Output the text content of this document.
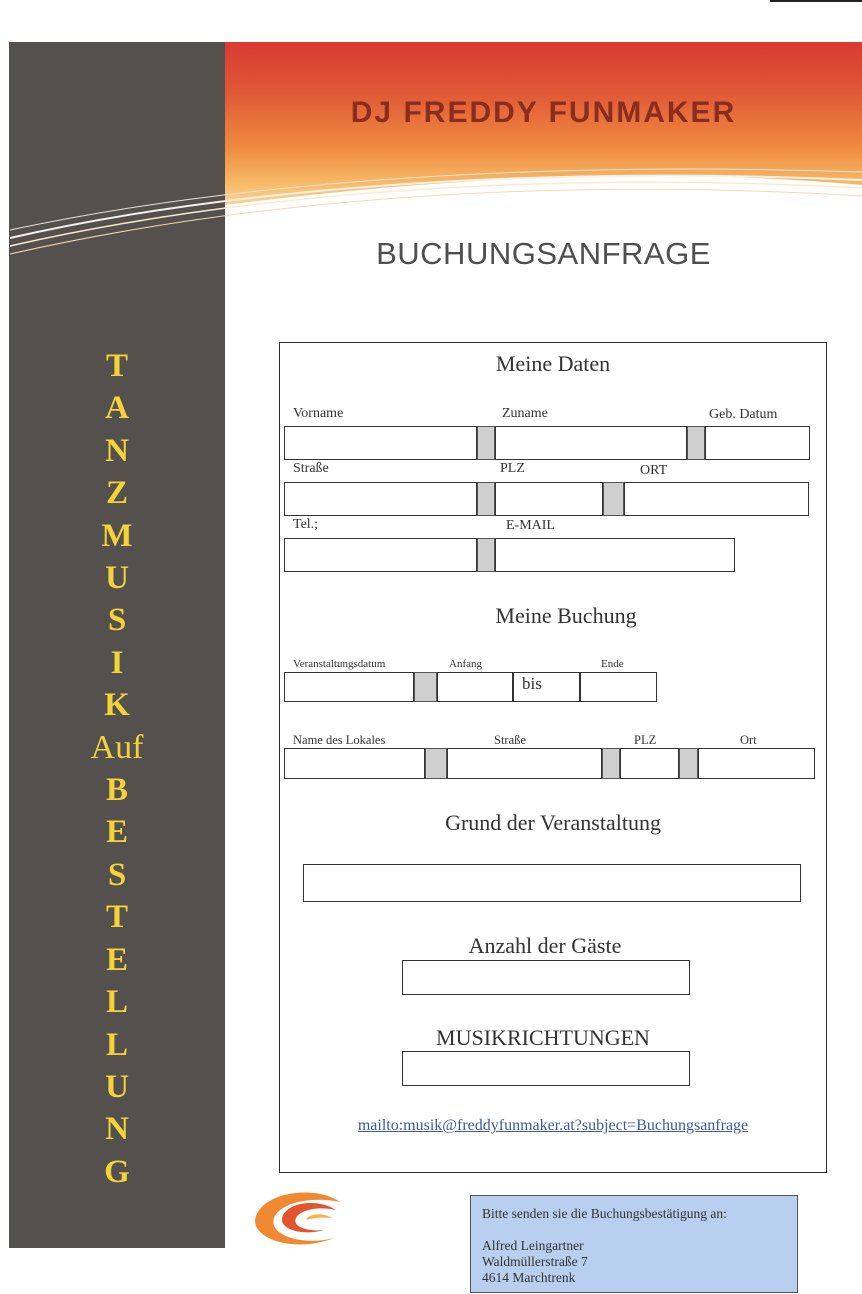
T
A
N
Z
M
U
S
I
K
Auf
B
E
S
T
E
L
L
U
N
G
DJ FREDDY FUNMAKER
BUCHUNGSANFRAGE
Meine Daten
Vorname	Zuname	Geb. Datum
Straße	PLZ	ORT
Tel.;	E-MAIL
Meine Buchung
Veranstaltungsdatum	Anfang	Ende
bis
Name des Lokales	Straße	PLZ	Ort
Grund der Veranstaltung
Anzahl der Gäste
MUSIKRICHTUNGEN
mailto:musik@freddyfunmaker.at?subject=Buchungsanfrage
Bitte senden sie die Buchungsbestätigung an:
Alfred Leingartner
Waldmüllerstraße 7
4614 Marchtrenk
